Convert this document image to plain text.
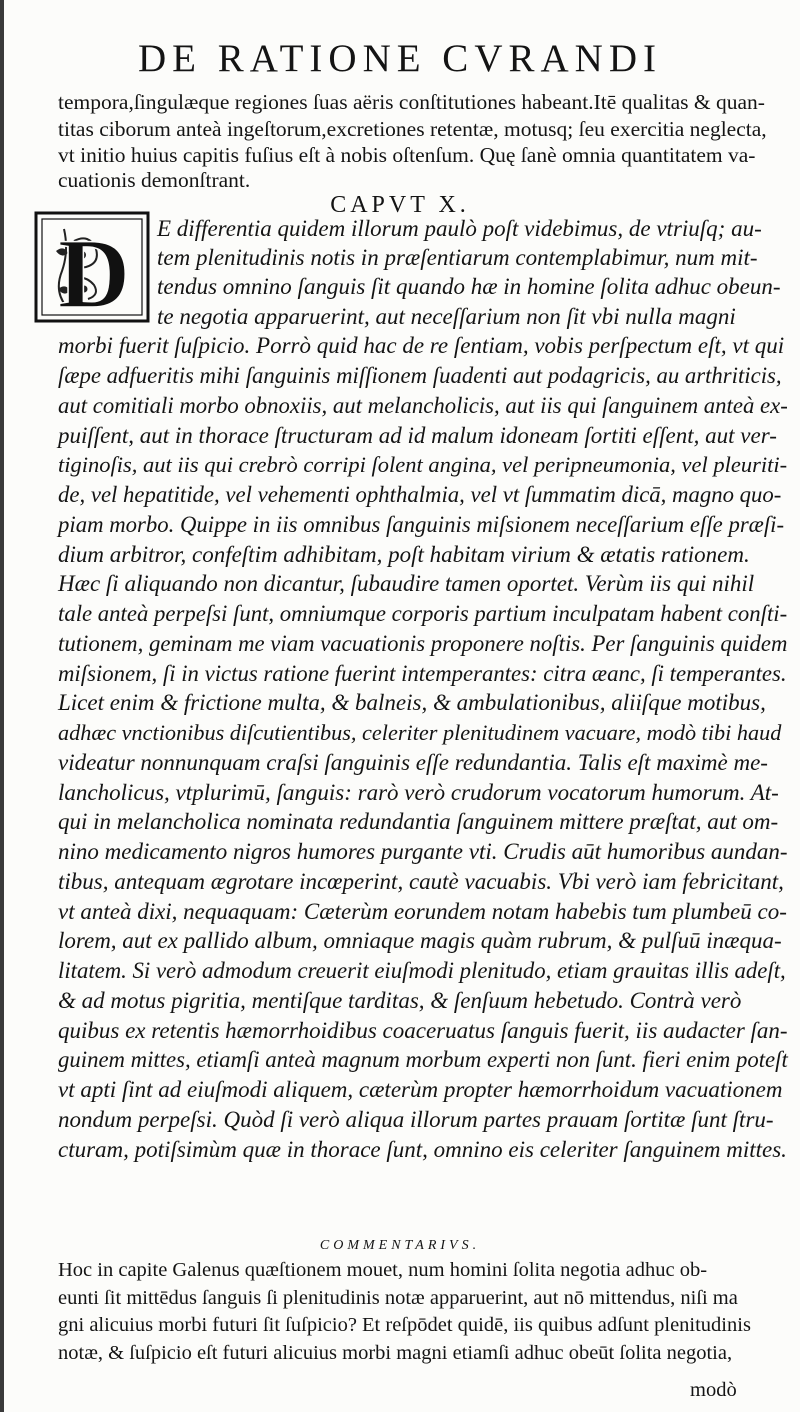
DE RATIONE CVRANDI
tempora,ſingulæque regiones ſuas aëris conſtitutiones habeant.Itē qualitas & quan-
titas ciborum anteà ingeſtorum,excretiones retentæ, motusq; ſeu exercitia neglecta,
vt initio huius capitis fuſius eſt à nobis oſtenſum. Quę ſanè omnia quantitatem va-
cuationis demonſtrant.
CAPVT X.
D E differentia quidem illorum paulò poſt videbimus, de vtriuſq; au-
tem plenitudinis notis in præſentiarum contemplabimur, num mit-
tendus omnino ſanguis ſit quando hæ in homine ſolita adhuc obeun-
te negotia apparuerint, aut neceſſarium non ſit vbi nulla magni
morbi fuerit ſuſpicio. Porrò quid hac de re ſentiam, vobis perſpectum eſt, vt qui
ſæpe adfueritis mihi ſanguinis miſſionem ſuadenti aut podagricis, au arthriticis,
aut comitiali morbo obnoxiis, aut melancholicis, aut iis qui ſanguinem anteà ex-
puiſſent, aut in thorace ſtructuram ad id malum idoneam ſortiti eſſent, aut ver-
tiginoſis, aut iis qui crebrò corripi ſolent angina, vel peripneumonia, vel pleuriti-
de, vel hepatitide, vel vehementi ophthalmia, vel vt ſummatim dicā, magno quo-
piam morbo. Quippe in iis omnibus ſanguinis miſsionem neceſſarium eſſe præſi-
dium arbitror, confeſtim adhibitam, poſt habitam virium & ætatis rationem.
Hæc ſi aliquando non dicantur, ſubaudire tamen oportet. Verùm iis qui nihil
tale anteà perpeſsi ſunt, omniumque corporis partium inculpatam habent conſti-
tutionem, geminam me viam vacuationis proponere noſtis. Per ſanguinis quidem
miſsionem, ſi in victus ratione fuerint intemperantes: citra æanc, ſi temperantes.
Licet enim & frictione multa, & balneis, & ambulationibus, aliiſque motibus,
adhæc vnctionibus diſcutientibus, celeriter plenitudinem vacuare, modò tibi haud
videatur nonnunquam craſsi ſanguinis eſſe redundantia. Talis eſt maximè me-
lancholicus, vtplurimū, ſanguis: rarò verò crudorum vocatorum humorum. At-
qui in melancholica nominata redundantia ſanguinem mittere præſtat, aut om-
nino medicamento nigros humores purgante vti. Crudis aūt humoribus aundan-
tibus, antequam ægrotare incœperint, cautè vacuabis. Vbi verò iam febricitant,
vt anteà dixi, nequaquam: Cæterùm eorundem notam habebis tum plumbeū co-
lorem, aut ex pallido album, omniaque magis quàm rubrum, & pulſuū inæqua-
litatem. Si verò admodum creuerit eiuſmodi plenitudo, etiam grauitas illis adeſt,
& ad motus pigritia, mentiſque tarditas, & ſenſuum hebetudo. Contrà verò
quibus ex retentis hæmorrhoidibus coaceruatus ſanguis fuerit, iis audacter ſan-
guinem mittes, etiamſi anteà magnum morbum experti non ſunt. fieri enim poteſt
vt apti ſint ad eiuſmodi aliquem, cæterùm propter hæmorrhoidum vacuationem
nondum perpeſsi. Quòd ſi verò aliqua illorum partes prauam ſortitæ ſunt ſtru-
cturam, potiſsimùm quæ in thorace ſunt, omnino eis celeriter ſanguinem mittes.
COMMENTARIVS.
Hoc in capite Galenus quæſtionem mouet, num homini ſolita negotia adhuc ob-
eunti ſit mittēdus ſanguis ſi plenitudinis notæ apparuerint, aut nō mittendus, niſi ma
gni alicuius morbi futuri ſit ſuſpicio? Et reſpōdet quidē, iis quibus adſunt plenitudinis
notæ, & ſuſpicio eſt futuri alicuius morbi magni etiamſi adhuc obeūt ſolita negotia,
modò
